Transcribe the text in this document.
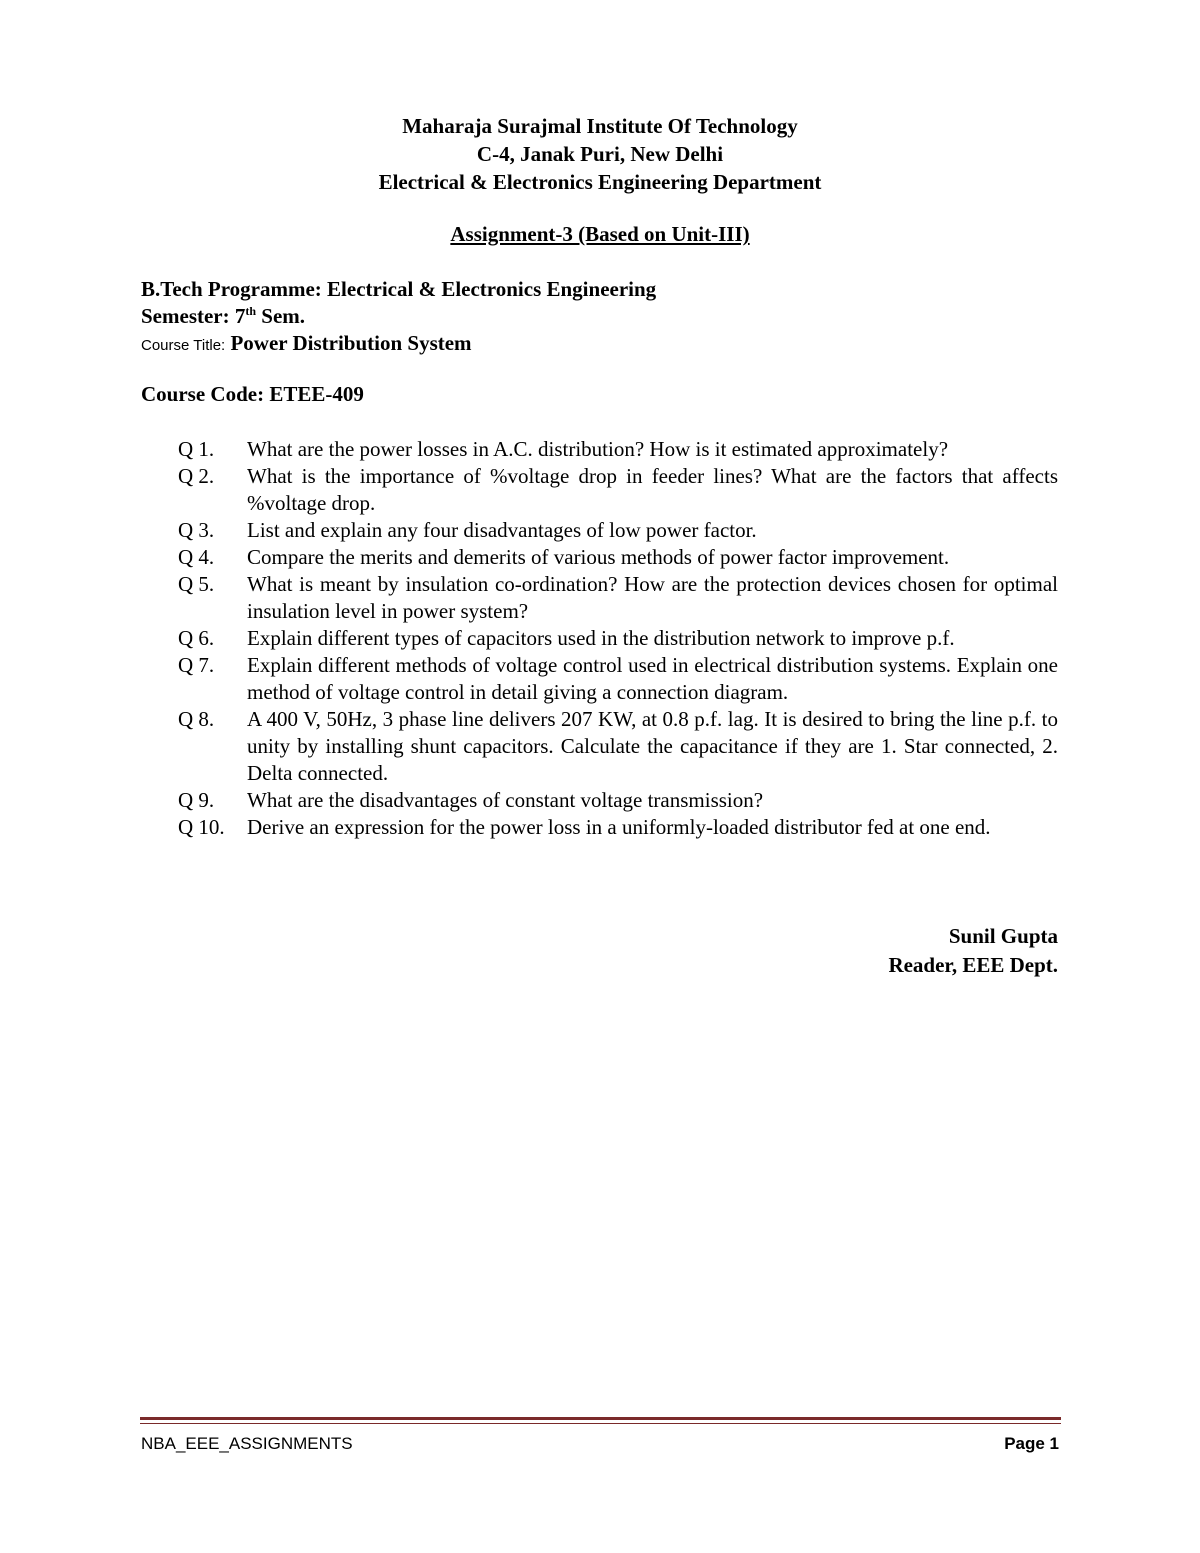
Maharaja Surajmal Institute Of Technology
C-4, Janak Puri, New Delhi
Electrical & Electronics Engineering Department
Assignment-3 (Based on Unit-III)
B.Tech Programme: Electrical & Electronics Engineering
Semester: 7th Sem.
Course Title: Power Distribution System
Course Code: ETEE-409
Q 1.	What are the power losses in A.C. distribution? How is it estimated approximately?
Q 2.	What is the importance of %voltage drop in feeder lines? What are the factors that affects %voltage drop.
Q 3.	List and explain any four disadvantages of low power factor.
Q 4.	Compare the merits and demerits of various methods of power factor improvement.
Q 5.	What is meant by insulation co-ordination? How are the protection devices chosen for optimal insulation level in power system?
Q 6.	Explain different types of capacitors used in the distribution network to improve p.f.
Q 7.	Explain different methods of voltage control used in electrical distribution systems. Explain one method of voltage control in detail giving a connection diagram.
Q 8.	A 400 V, 50Hz, 3 phase line delivers 207 KW, at 0.8 p.f. lag. It is desired to bring the line p.f. to unity by installing shunt capacitors. Calculate the capacitance if they are 1. Star connected, 2. Delta connected.
Q 9.	What are the disadvantages of constant voltage transmission?
Q 10.	Derive an expression for the power loss in a uniformly-loaded distributor fed at one end.
Sunil Gupta
Reader, EEE Dept.
NBA_EEE_ASSIGNMENTS	Page 1
